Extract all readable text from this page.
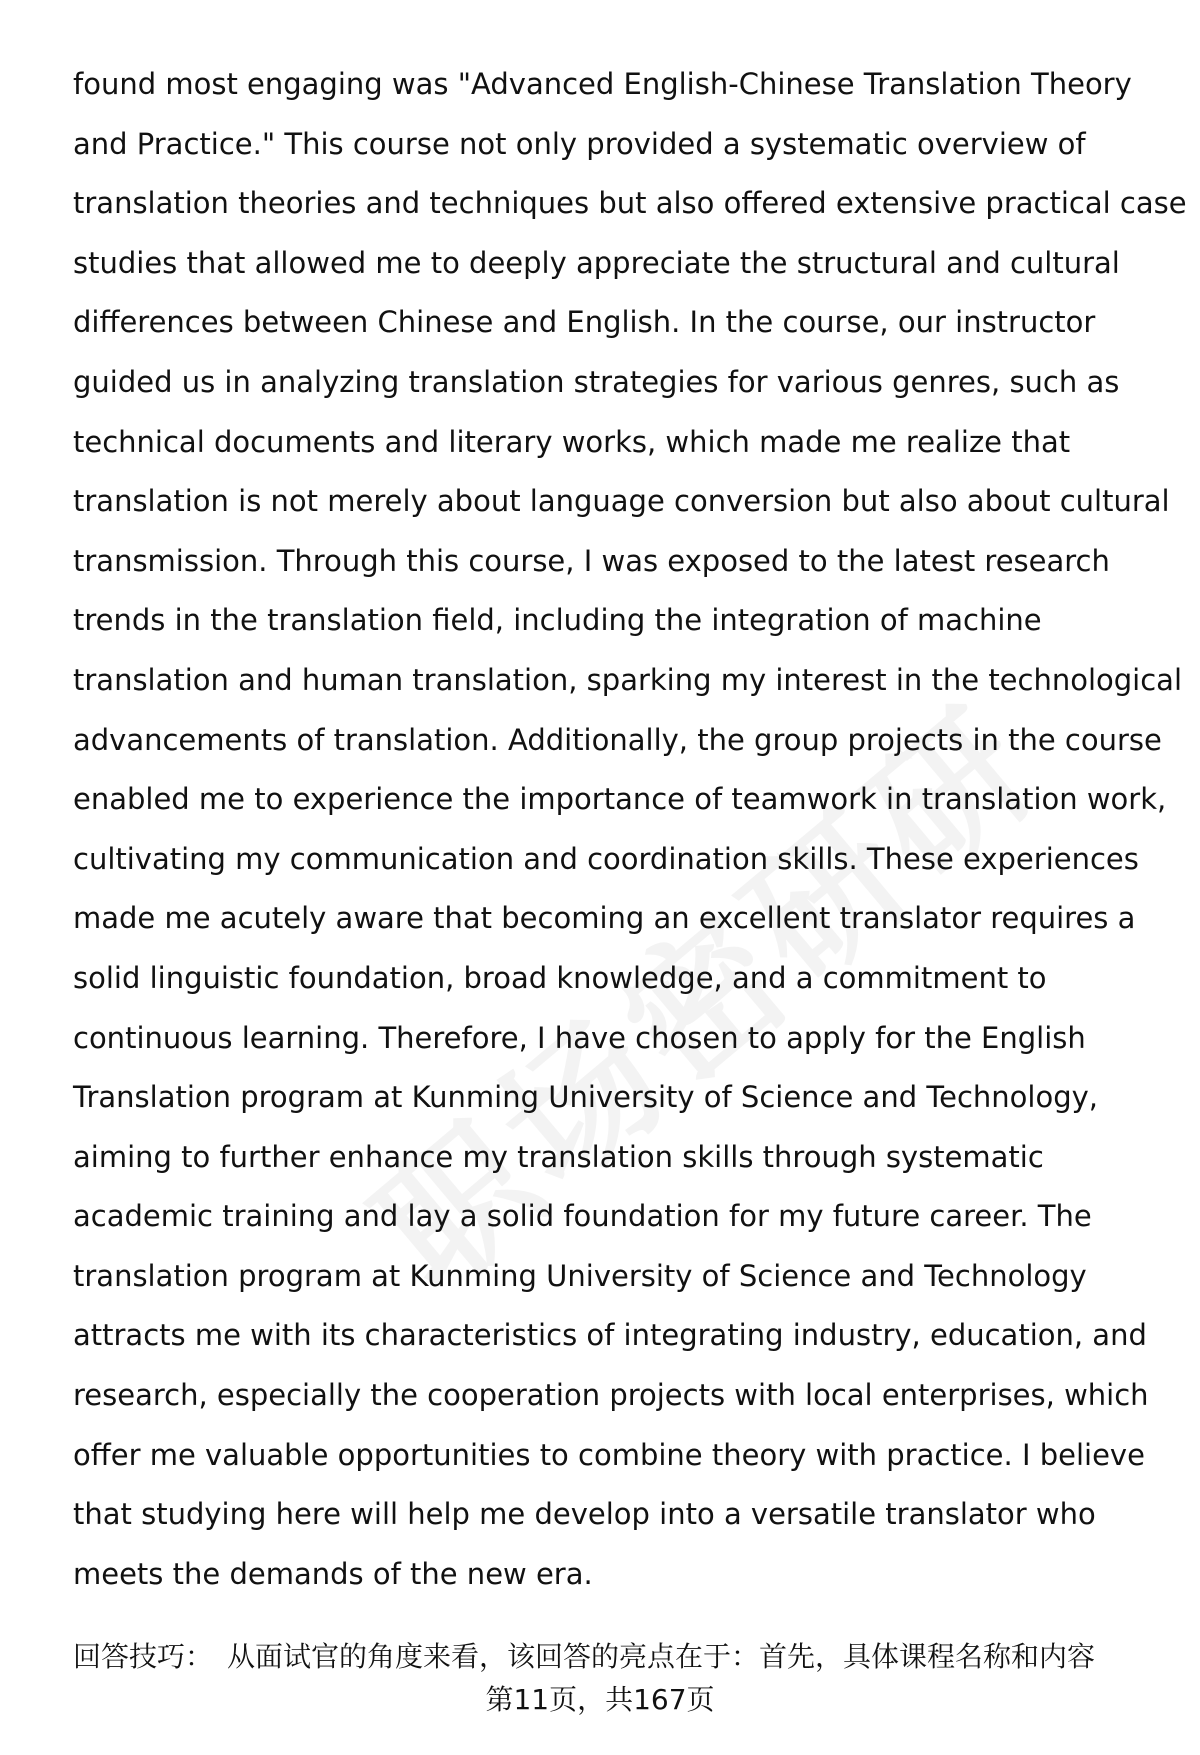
found most engaging was "Advanced English-Chinese Translation Theory
and Practice." This course not only provided a systematic overview of
translation theories and techniques but also offered extensive practical case
studies that allowed me to deeply appreciate the structural and cultural
differences between Chinese and English. In the course, our instructor
guided us in analyzing translation strategies for various genres, such as
technical documents and literary works, which made me realize that
translation is not merely about language conversion but also about cultural
transmission. Through this course, I was exposed to the latest research
trends in the translation field, including the integration of machine
translation and human translation, sparking my interest in the technological
advancements of translation. Additionally, the group projects in the course
enabled me to experience the importance of teamwork in translation work,
cultivating my communication and coordination skills. These experiences
made me acutely aware that becoming an excellent translator requires a
solid linguistic foundation, broad knowledge, and a commitment to
continuous learning. Therefore, I have chosen to apply for the English
Translation program at Kunming University of Science and Technology,
aiming to further enhance my translation skills through systematic
academic training and lay a solid foundation for my future career. The
translation program at Kunming University of Science and Technology
attracts me with its characteristics of integrating industry, education, and
research, especially the cooperation projects with local enterprises, which
offer me valuable opportunities to combine theory with practice. I believe
that studying here will help me develop into a versatile translator who
meets the demands of the new era.
回答技巧： 从面试官的角度来看，该回答的亮点在于：首先，具体课程名称和内容
第11页，共167页
